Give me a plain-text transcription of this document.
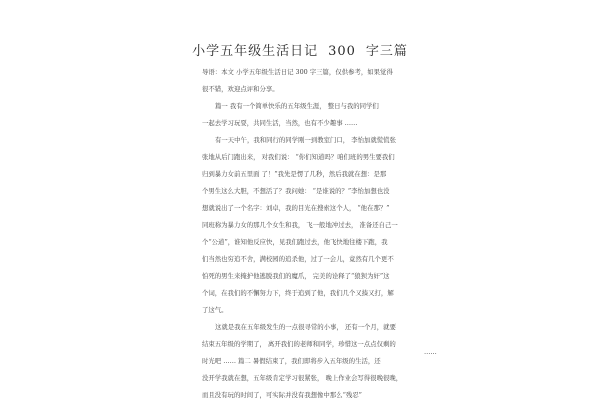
小学五年级生活日记 300 字三篇
导语：本文 小学五年级生活日记 300 字三篇，仅供参考，如果觉得
很不错，欢迎点评和分享。
篇一 我有一个简单快乐的五年级生涯， 整日与我的同学们
一起去学习玩耍，共同生活，当然，也有不少趣事 ……
有一天中午，我和同行的同学刚一到教室门口， 李怡加就慌慌张
张地从后门跑出来， 对我们说： “你们知道吗？咱们班的男生要我们
归到暴力女前五里面 了！”我先是愣了几秒，然后我就在想：是那
个男生这么大胆，不想活了？我问她： “是谁说的？”李怡加想也没
想就说出了一个名字：刘卓，我的目光在搜索这个人， “他在那？”
同班称为暴力女的那几个女生和我， 飞一般地冲过去， 准备还自己一
个“公道”，谁知他反应快，见我们跑过去，他飞快地往楼下跑，我
们当然也穷追不舍，满校园的追杀他，过了一会儿，竟然有几个更不
怕死的男生来掩护他逃脱我们的魔爪， 完美的诠释了“狼狈为奸”这
个词，在我们的不懈努力下，终于追到了他，我们几个又揍又打，解
了这气。
这就是我在五年级发生的一点很寻常的小事， 还有一个月，就要
结束五年级的学期了， 离开我们的老师和同学，珍惜这一点点仅剩的
时光吧 …… 篇二 暑假结束了，我们即将步入五年级的生活，还
没开学我就在想，五年级肯定学习很紧张， 晚上作业会写得很晚很晚，
而且没有玩的时间了，可实际并没有我想像中那么“残忍”
……
